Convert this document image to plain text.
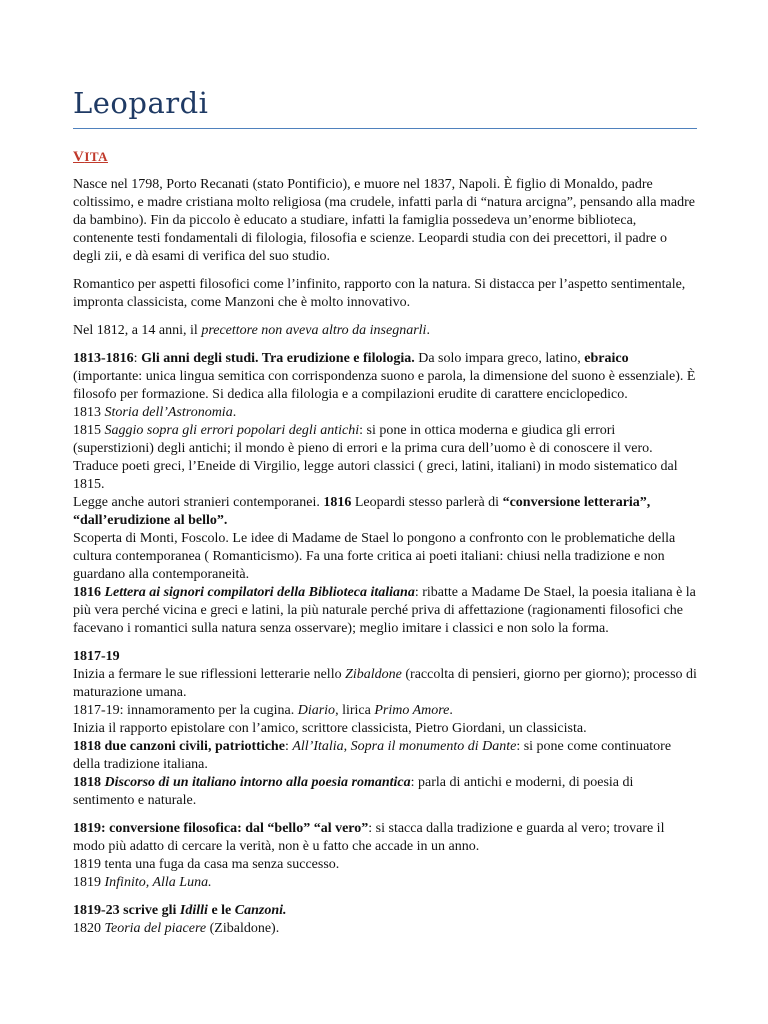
Leopardi
VITA

Nasce nel 1798, Porto Recanati (stato Pontificio), e muore nel 1837, Napoli. È figlio di Monaldo, padre coltissimo, e madre cristiana molto religiosa (ma crudele, infatti parla di “natura arcigna”, pensando alla madre da bambino). Fin da piccolo è educato a studiare, infatti la famiglia possedeva un’enorme biblioteca, contenente testi fondamentali di filologia, filosofia e scienze. Leopardi studia con dei precettori, il padre o degli zii, e dà esami di verifica del suo studio.

Romantico per aspetti filosofici come l’infinito, rapporto con la natura. Si distacca per l’aspetto sentimentale, impronta classicista, come Manzoni che è molto innovativo.

Nel 1812, a 14 anni, il precettore non aveva altro da insegnarli.

1813-1816: Gli anni degli studi. Tra erudizione e filologia. Da solo impara greco, latino, ebraico (importante: unica lingua semitica con corrispondenza suono e parola, la dimensione del suono è essenziale). È filosofo per formazione. Si dedica alla filologia e a compilazioni erudite di carattere enciclopedico.
1813 Storia dell’Astronomia.
1815 Saggio sopra gli errori popolari degli antichi: si pone in ottica moderna e giudica gli errori (superstizioni) degli antichi; il mondo è pieno di errori e la prima cura dell’uomo è di conoscere il vero.
Traduce poeti greci, l’Eneide di Virgilio, legge autori classici ( greci, latini, italiani) in modo sistematico dal 1815.
Legge anche autori stranieri contemporanei. 1816 Leopardi stesso parlerà di “conversione letteraria”, “dall’erudizione al bello”.
Scoperta di Monti, Foscolo. Le idee di Madame de Stael lo pongono a confronto con le problematiche della cultura contemporanea ( Romanticismo). Fa una forte critica ai poeti italiani: chiusi nella tradizione e non guardano alla contemporaneità.
1816 Lettera ai signori compilatori della Biblioteca italiana: ribatte a Madame De Stael, la poesia italiana è la più vera perché vicina e greci e latini, la più naturale perché priva di affettazione (ragionamenti filosofici che facevano i romantici sulla natura senza osservare); meglio imitare i classici e non solo la forma.
1817-19
Inizia a fermare le sue riflessioni letterarie nello Zibaldone (raccolta di pensieri, giorno per giorno); processo di maturazione umana.
1817-19: innamoramento per la cugina. Diario, lirica Primo Amore.
Inizia il rapporto epistolare con l’amico, scrittore classicista, Pietro Giordani, un classicista.
1818 due canzoni civili, patriottiche: All’Italia, Sopra il monumento di Dante: si pone come continuatore della tradizione italiana.
1818 Discorso di un italiano intorno alla poesia romantica: parla di antichi e moderni, di poesia di sentimento e naturale.
1819: conversione filosofica: dal “bello” “al vero”: si stacca dalla tradizione e guarda al vero; trovare il modo più adatto di cercare la verità, non è u fatto che accade in un anno.
1819 tenta una fuga da casa ma senza successo.
1819 Infinito, Alla Luna.
1819-23 scrive gli Idilli e le Canzoni.
1820 Teoria del piacere (Zibaldone).
